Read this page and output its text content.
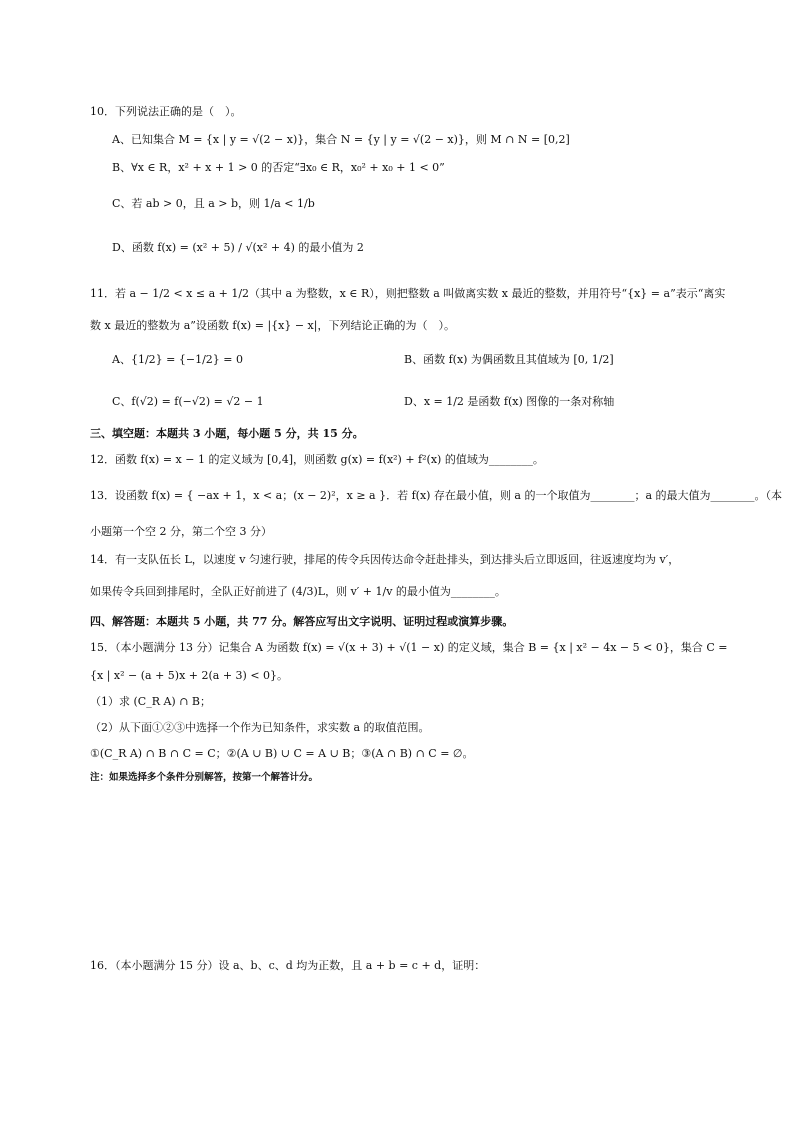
10．下列说法正确的是（　）。
A、已知集合 M = {x | y = √(2 − x)}，集合 N = {y | y = √(2 − x)}，则 M ∩ N = [0,2]
B、∀x ∈ R，x² + x + 1 > 0 的否定“∃x₀ ∈ R，x₀² + x₀ + 1 < 0”
C、若 ab > 0，且 a > b，则 1/a < 1/b
D、函数 f(x) = (x² + 5) / √(x² + 4) 的最小值为 2
11．若 a − 1/2 < x ≤ a + 1/2（其中 a 为整数，x ∈ R），则把整数 a 叫做离实数 x 最近的整数，并用符号“{x} = a”表示“离实
数 x 最近的整数为 a”设函数 f(x) = |{x} − x|，下列结论正确的为（　）。
A、{1/2} = {−1/2} = 0	B、函数 f(x) 为偶函数且其值域为 [0, 1/2]
C、f(√2) = f(−√2) = √2 − 1	D、x = 1/2 是函数 f(x) 图像的一条对称轴
三、填空题：本题共 3 小题，每小题 5 分，共 15 分。
12．函数 f(x) = x − 1 的定义域为 [0,4]，则函数 g(x) = f(x²) + f²(x) 的值域为________。
13．设函数 f(x) = { −ax + 1，x < a；(x − 2)²，x ≥ a }．若 f(x) 存在最小值，则 a 的一个取值为________；a 的最大值为________。（本
小题第一个空 2 分，第二个空 3 分）
14．有一支队伍长 L，以速度 v 匀速行驶，排尾的传令兵因传达命令赶赴排头，到达排头后立即返回，往返速度均为 v′，
如果传令兵回到排尾时，全队正好前进了 (4/3)L，则 v′ + 1/v 的最小值为________。
四、解答题：本题共 5 小题，共 77 分。解答应写出文字说明、证明过程或演算步骤。
15．（本小题满分 13 分）记集合 A 为函数 f(x) = √(x + 3) + √(1 − x) 的定义域，集合 B = {x | x² − 4x − 5 < 0}，集合 C =
{x | x² − (a + 5)x + 2(a + 3) < 0}。
（1）求 (C_R A) ∩ B；
（2）从下面①②③中选择一个作为已知条件，求实数 a 的取值范围。
①(C_R A) ∩ B ∩ C = C；②(A ∪ B) ∪ C = A ∪ B；③(A ∩ B) ∩ C = ∅。
注：如果选择多个条件分别解答，按第一个解答计分。
16．（本小题满分 15 分）设 a、b、c、d 均为正数，且 a + b = c + d，证明：
